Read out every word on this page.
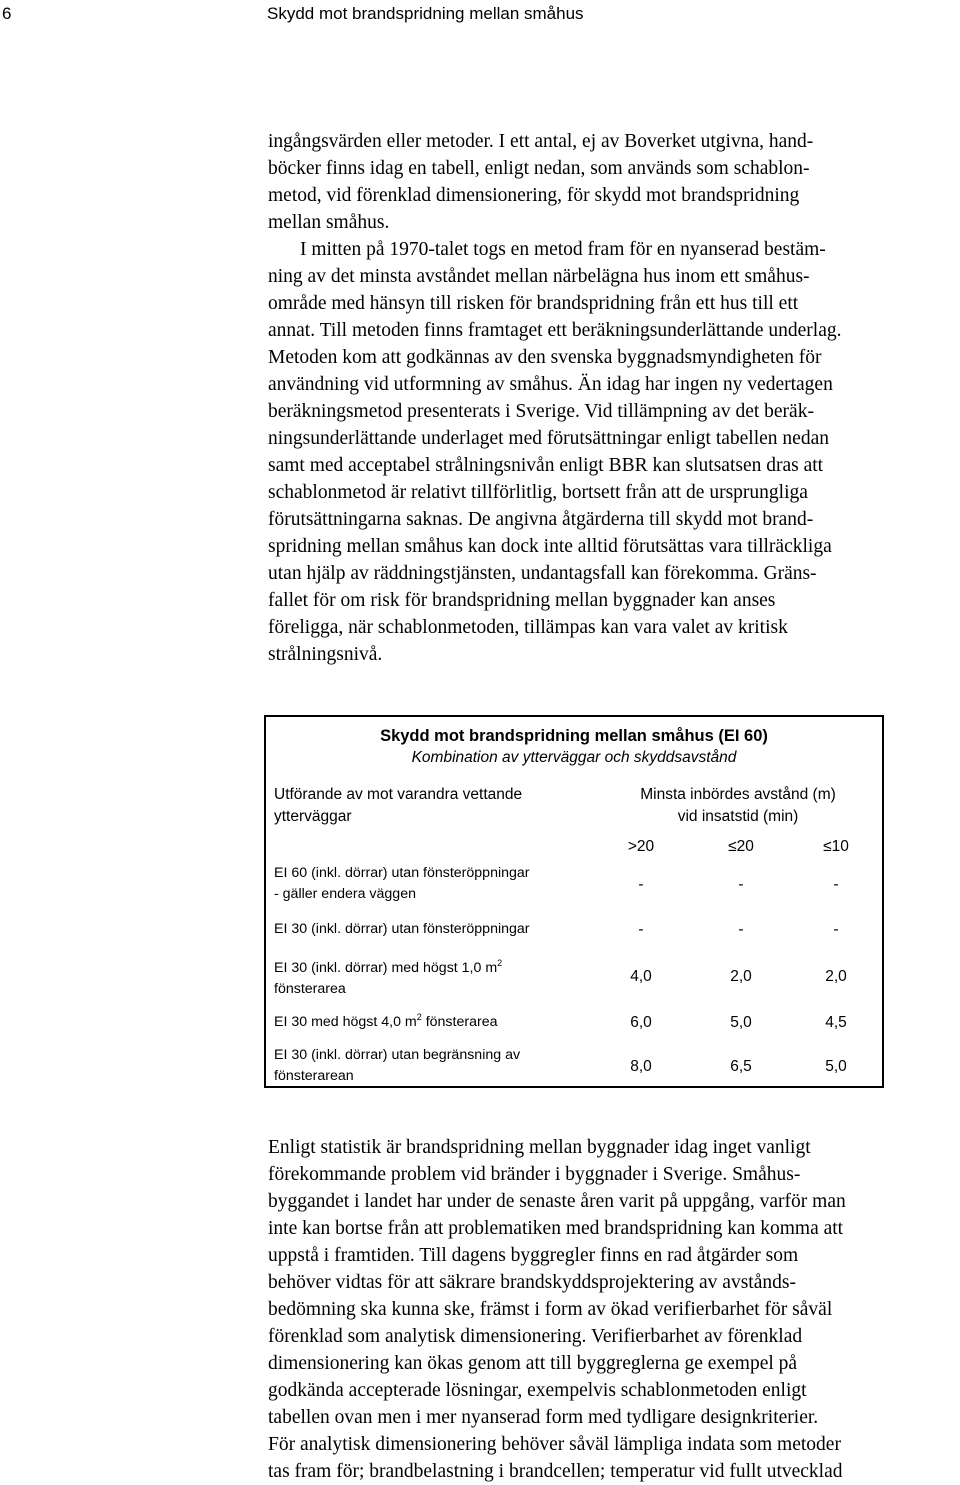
6	Skydd mot brandspridning mellan småhus
ingångsvärden eller metoder. I ett antal, ej av Boverket utgivna, hand-
böcker finns idag en tabell, enligt nedan, som används som schablon-
metod, vid förenklad dimensionering, för skydd mot brandspridning
mellan småhus.
I mitten på 1970-talet togs en metod fram för en nyanserad bestäm-
ning av det minsta avståndet mellan närbelägna hus inom ett småhus-
område med hänsyn till risken för brandspridning från ett hus till ett
annat. Till metoden finns framtaget ett beräkningsunderlättande underlag.
Metoden kom att godkännas av den svenska byggnadsmyndigheten för
användning vid utformning av småhus. Än idag har ingen ny vedertagen
beräkningsmetod presenterats i Sverige. Vid tillämpning av det beräk-
ningsunderlättande underlaget med förutsättningar enligt tabellen nedan
samt med acceptabel strålningsnivån enligt BBR kan slutsatsen dras att
schablonmetod är relativt tillförlitlig, bortsett från att de ursprungliga
förutsättningarna saknas. De angivna åtgärderna till skydd mot brand-
spridning mellan småhus kan dock inte alltid förutsättas vara tillräckliga
utan hjälp av räddningstjänsten, undantagsfall kan förekomma. Gräns-
fallet för om risk för brandspridning mellan byggnader kan anses
föreligga, när schablonmetoden, tillämpas kan vara valet av kritisk
strålningsnivå.
Skydd mot brandspridning mellan småhus (EI 60)
Kombination av ytterväggar och skyddsavstånd
Utförande av mot varandra vettande
ytterväggar
Minsta inbördes avstånd (m)
vid insatstid (min)
>20	≤20	≤10
EI 60 (inkl. dörrar) utan fönsteröppningar
- gäller endera väggen
-	-	-
EI 30 (inkl. dörrar) utan fönsteröppningar	-	-	-
EI 30 (inkl. dörrar) med högst 1,0 $m^2$
fönsterarea
4,0	2,0	2,0
EI 30 med högst 4,0 $m^2$ fönsterarea	6,0	5,0	4,5
EI 30 (inkl. dörrar) utan begränsning av
fönsterarean
8,0	6,5	5,0
Enligt statistik är brandspridning mellan byggnader idag inget vanligt
förekommande problem vid bränder i byggnader i Sverige. Småhus-
byggandet i landet har under de senaste åren varit på uppgång, varför man
inte kan bortse från att problematiken med brandspridning kan komma att
uppstå i framtiden. Till dagens byggregler finns en rad åtgärder som
behöver vidtas för att säkrare brandskyddsprojektering av avstånds-
bedömning ska kunna ske, främst i form av ökad verifierbarhet för såväl
förenklad som analytisk dimensionering. Verifierbarhet av förenklad
dimensionering kan ökas genom att till byggreglerna ge exempel på
godkända accepterade lösningar, exempelvis schablonmetoden enligt
tabellen ovan men i mer nyanserad form med tydligare designkriterier.
För analytisk dimensionering behöver såväl lämpliga indata som metoder
tas fram för; brandbelastning i brandcellen; temperatur vid fullt utvecklad
